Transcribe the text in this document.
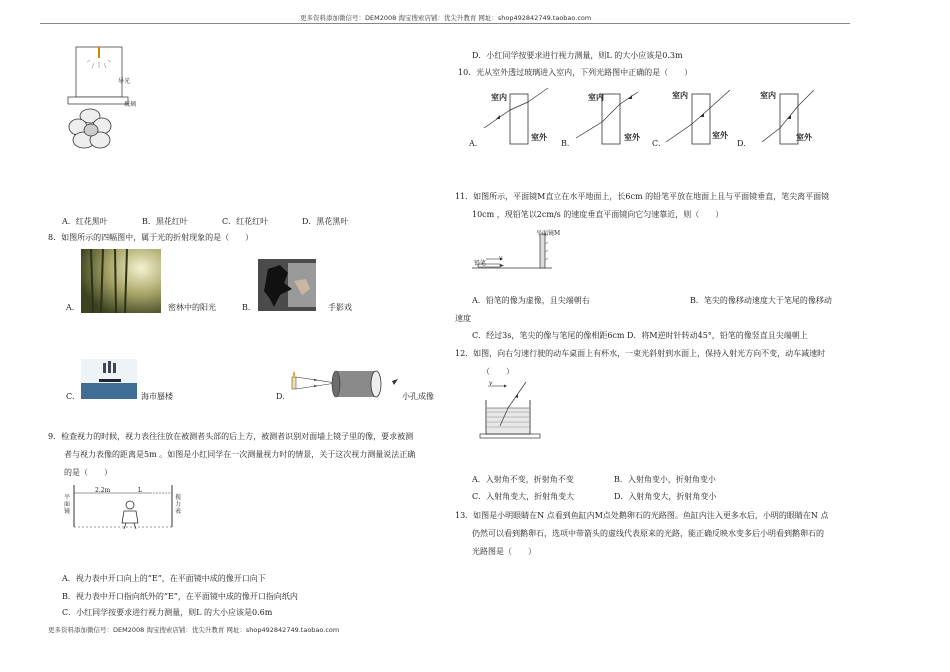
更多资料添加微信号：DEM2008 淘宝搜索店铺：优尖升教育 网址：shop492842749.taobao.com
更多资料添加微信号：DEM2008 淘宝搜索店铺：优尖升教育 网址：shop492842749.taobao.com
导光
玻璃
A．红花黑叶	B．黑花红叶	C．红花红叶	D．黑花黑叶
8．如图所示的四幅图中，属于光的折射现象的是（　　）
A．	密林中的阳光	B．	手影戏
C．	海市蜃楼	D．	小孔成像
9．检查视力的时候，视力表往往放在被测者头部的后上方，被测者识别对面墙上镜子里的像，要求被测
者与视力表像的距离是5m 。如图是小红同学在一次测量视力时的情景，关于这次视力测量说法正确
的是（　　）
平面镜
2.2m	L
视力表
A．视力表中开口向上的“E”，在平面镜中成的像开口向下
B．视力表中开口指向纸外的“E”，在平面镜中成的像开口指向纸内
C．小红同学按要求进行视力测量，则L 的大小应该是0.6m
D．小红同学按要求进行视力测量，则L 的大小应该是0.3m
10．光从室外透过玻璃进入室内，下列光路图中正确的是（　　）
室内
室外
A．
室内
室外
B．
室内
室外
C．
室内
室外
D．
11．如图所示，平面镜M直立在水平地面上，长6cm 的铅笔平放在地面上且与平面镜垂直，笔尖离平面镜
10cm ，现铅笔以2cm/s 的速度垂直平面镜向它匀速靠近，则（　　）
平面镜M
铅笔
v
A．铅笔的像为虚像，且尖端朝右	B．笔尖的像移动速度大于笔尾的像移动
速度
C．经过3s，笔尖的像与笔尾的像相距6cm D．将M逆时针转动45°，铅笔的像竖直且尖端朝上
12．如图，向右匀速行驶的动车桌面上有杯水，一束光斜射到水面上，保持入射光方向不变，动车减速时
（　　）
v
A．入射角不变，折射角不变	B．入射角变小，折射角变小
C．入射角变大，折射角变大	D．入射角变大，折射角变小
13．如图是小明眼睛在N 点看到鱼缸内M点处鹅卵石的光路图。鱼缸内注入更多水后，小明的眼睛在N 点
仍然可以看到鹅卵石，选项中带箭头的虚线代表原来的光路，能正确反映水变多后小明看到鹅卵石的
光路图是（　　）
